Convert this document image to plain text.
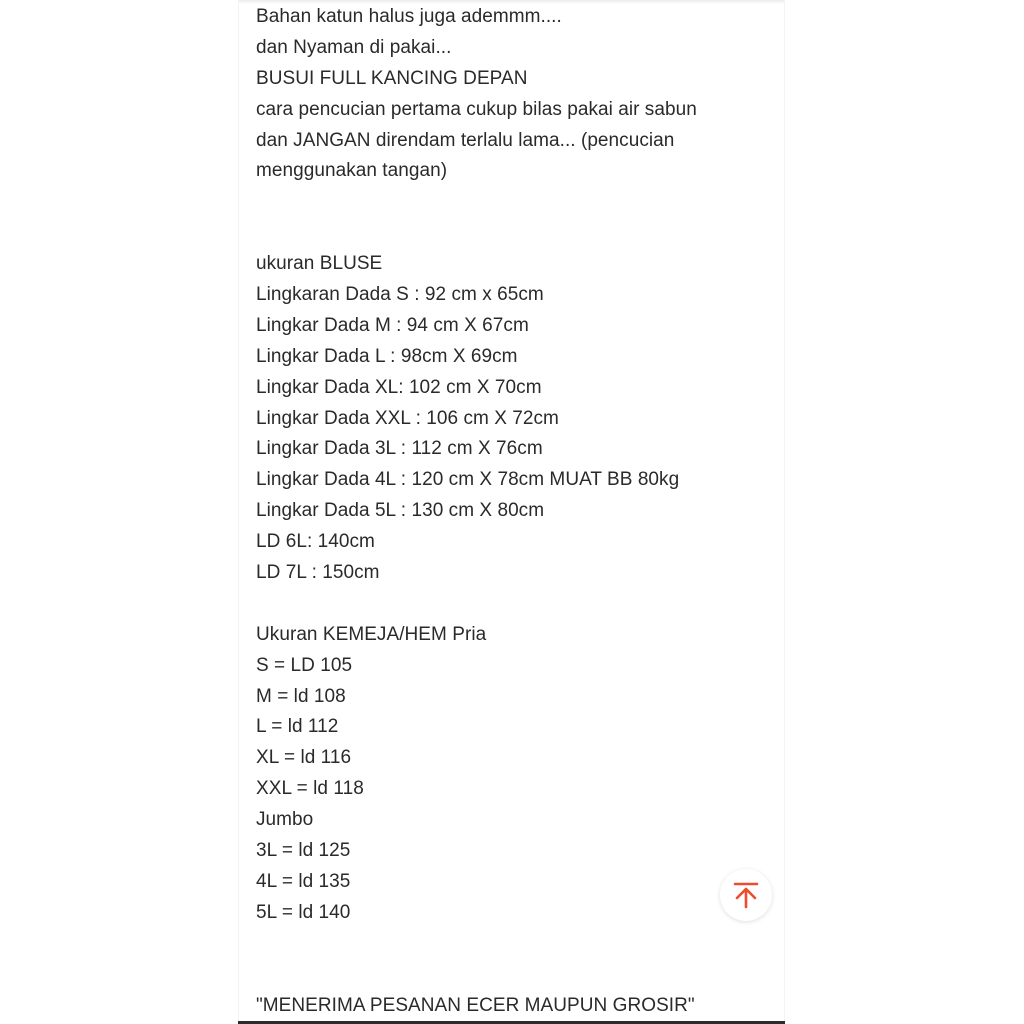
Bahan katun halus juga ademmm....
dan Nyaman di pakai...
BUSUI FULL KANCING DEPAN
cara pencucian pertama cukup bilas pakai air sabun
dan JANGAN direndam terlalu lama... (pencucian
menggunakan tangan)
ukuran BLUSE
Lingkaran Dada S : 92 cm x 65cm
Lingkar Dada M : 94 cm X 67cm
Lingkar Dada L : 98cm X 69cm
Lingkar Dada XL: 102 cm X 70cm
Lingkar Dada XXL : 106 cm X 72cm
Lingkar Dada 3L : 112 cm X 76cm
Lingkar Dada 4L : 120 cm X 78cm MUAT BB 80kg
Lingkar Dada 5L : 130 cm X 80cm
LD 6L: 140cm
LD 7L : 150cm
Ukuran KEMEJA/HEM Pria
S = LD 105
M = ld 108
L = ld 112
XL = ld 116
XXL = ld 118
Jumbo
3L = ld 125
4L = ld 135
5L = ld 140
"MENERIMA PESANAN ECER MAUPUN GROSIR"
